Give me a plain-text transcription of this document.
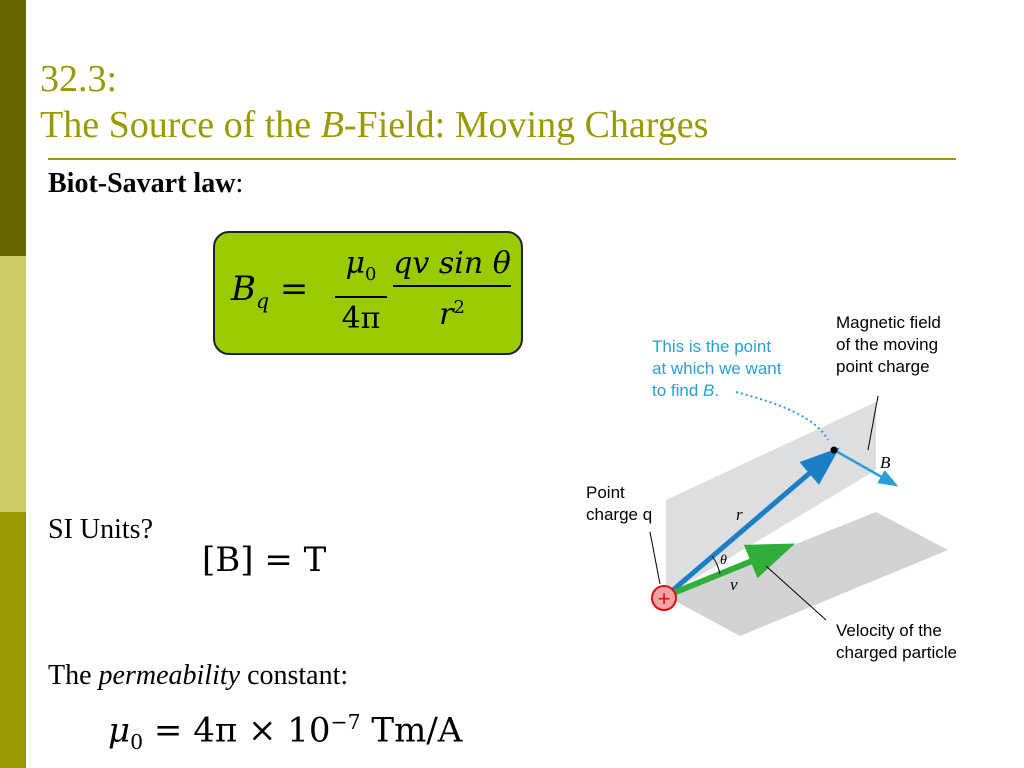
32.3:
The Source of the B-Field: Moving Charges
Biot-Savart law:
$B_q$ =
$\mu_0$
4π
qv sin θ
$r^2$
SI Units?
[B] = T
The permeability constant:
$\mu_0 = 4\pi \times 10^{-7}$ Tm/A
+
This is the point
at which we want
to find B.
Magnetic field
of the moving
point charge
Point
charge q
Velocity of the
charged particle
r
v
B
θ
